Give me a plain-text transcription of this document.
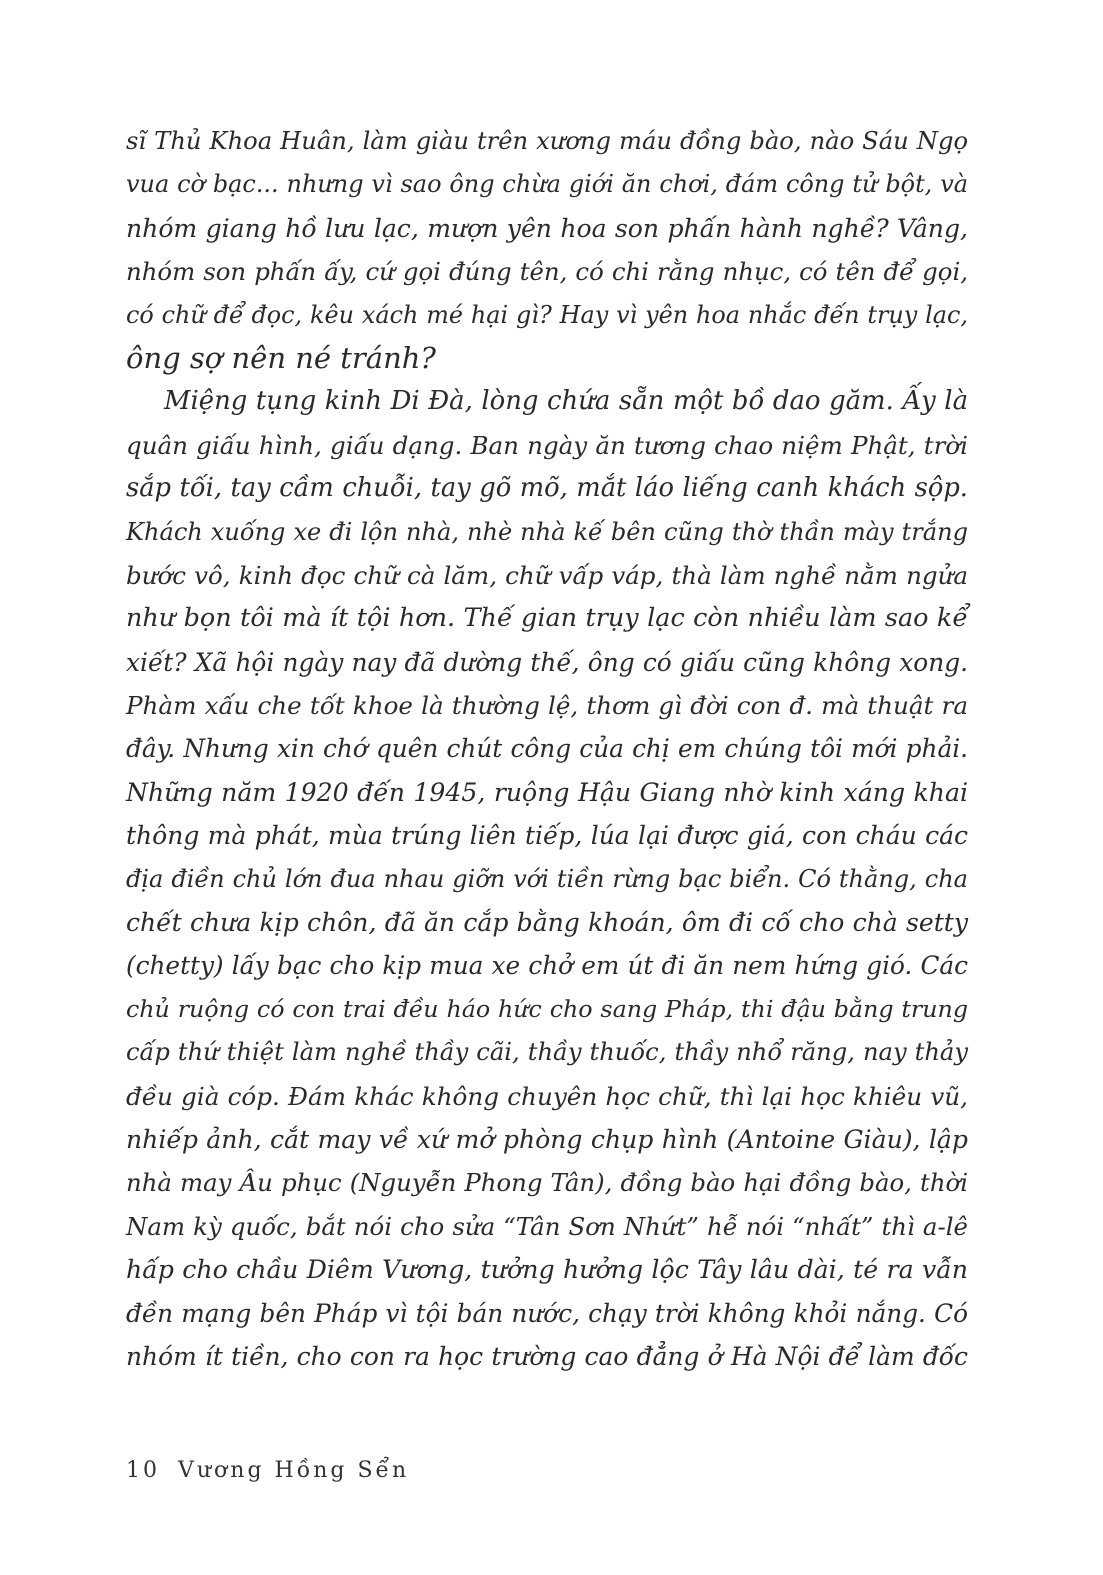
sĩ Thủ Khoa Huân, làm giàu trên xương máu đồng bào, nào Sáu Ngọ
vua cờ bạc... nhưng vì sao ông chừa giới ăn chơi, đám công tử bột, và
nhóm giang hồ lưu lạc, mượn yên hoa son phấn hành nghề? Vâng,
nhóm son phấn ấy, cứ gọi đúng tên, có chi rằng nhục, có tên để gọi,
có chữ để đọc, kêu xách mé hại gì? Hay vì yên hoa nhắc đến trụy lạc,
ông sợ nên né tránh?
Miệng tụng kinh Di Đà, lòng chứa sẵn một bồ dao găm. Ấy là
quân giấu hình, giấu dạng. Ban ngày ăn tương chao niệm Phật, trời
sắp tối, tay cầm chuỗi, tay gõ mõ, mắt láo liếng canh khách sộp.
Khách xuống xe đi lộn nhà, nhè nhà kế bên cũng thờ thần mày trắng
bước vô, kinh đọc chữ cà lăm, chữ vấp váp, thà làm nghề nằm ngửa
như bọn tôi mà ít tội hơn. Thế gian trụy lạc còn nhiều làm sao kể
xiết? Xã hội ngày nay đã dường thế, ông có giấu cũng không xong.
Phàm xấu che tốt khoe là thường lệ, thơm gì đời con đ. mà thuật ra
đây. Nhưng xin chớ quên chút công của chị em chúng tôi mới phải.
Những năm 1920 đến 1945, ruộng Hậu Giang nhờ kinh xáng khai
thông mà phát, mùa trúng liên tiếp, lúa lại được giá, con cháu các
địa điền chủ lớn đua nhau giỡn với tiền rừng bạc biển. Có thằng, cha
chết chưa kịp chôn, đã ăn cắp bằng khoán, ôm đi cố cho chà setty
(chetty) lấy bạc cho kịp mua xe chở em út đi ăn nem hứng gió. Các
chủ ruộng có con trai đều háo hức cho sang Pháp, thi đậu bằng trung
cấp thứ thiệt làm nghề thầy cãi, thầy thuốc, thầy nhổ răng, nay thảy
đều già cóp. Đám khác không chuyên học chữ, thì lại học khiêu vũ,
nhiếp ảnh, cắt may về xứ mở phòng chụp hình (Antoine Giàu), lập
nhà may Âu phục (Nguyễn Phong Tân), đồng bào hại đồng bào, thời
Nam kỳ quốc, bắt nói cho sửa “Tân Sơn Nhứt” hễ nói “nhất” thì a-lê
hấp cho chầu Diêm Vương, tưởng hưởng lộc Tây lâu dài, té ra vẫn
đền mạng bên Pháp vì tội bán nước, chạy trời không khỏi nắng. Có
nhóm ít tiền, cho con ra học trường cao đẳng ở Hà Nội để làm đốc
10 Vương Hồng Sển
